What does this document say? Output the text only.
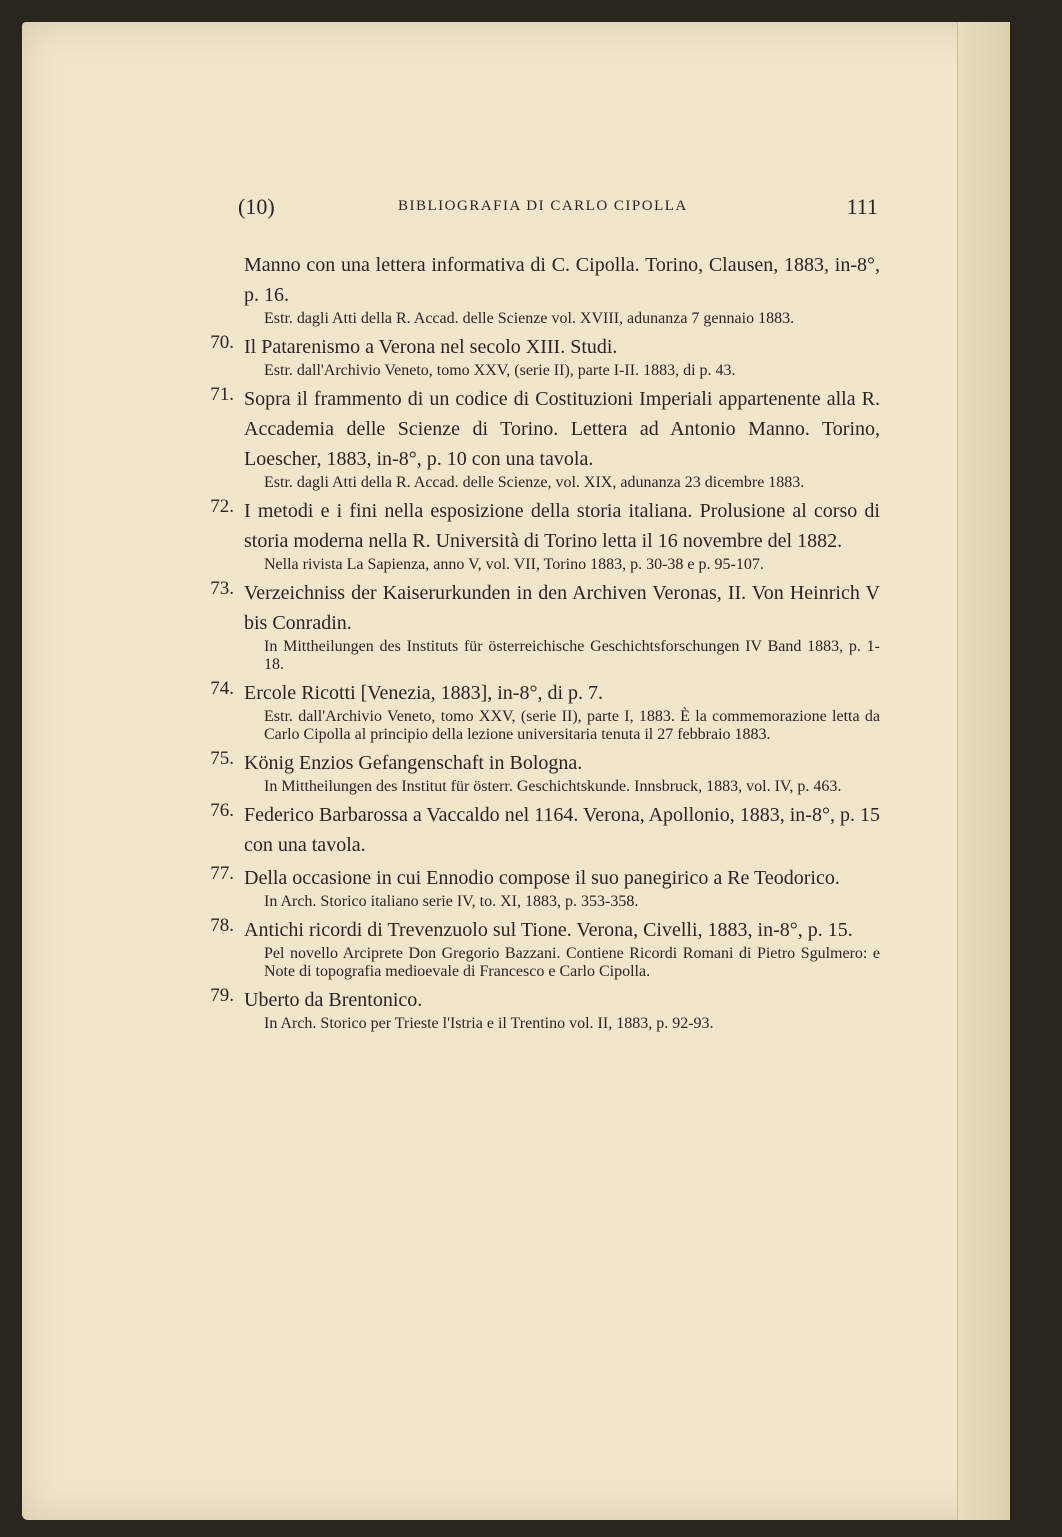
(10)	BIBLIOGRAFIA DI CARLO CIPOLLA	111
Manno con una lettera informativa di C. Cipolla. Torino, Clausen, 1883, in-8°, p. 16.
Estr. dagli Atti della R. Accad. delle Scienze vol. XVIII, adunanza 7 gennaio 1883.
70. Il Patarenismo a Verona nel secolo XIII. Studi.
Estr. dall'Archivio Veneto, tomo XXV, (serie II), parte I-II. 1883, di p. 43.
71. Sopra il frammento di un codice di Costituzioni Imperiali appartenente alla R. Accademia delle Scienze di Torino. Lettera ad Antonio Manno. Torino, Loescher, 1883, in-8°, p. 10 con una tavola.
Estr. dagli Atti della R. Accad. delle Scienze, vol. XIX, adunanza 23 dicembre 1883.
72. I metodi e i fini nella esposizione della storia italiana. Prolusione al corso di storia moderna nella R. Università di Torino letta il 16 novembre del 1882.
Nella rivista La Sapienza, anno V, vol. VII, Torino 1883, p. 30-38 e p. 95-107.
73. Verzeichniss der Kaiserurkunden in den Archiven Veronas, II. Von Heinrich V bis Conradin.
In Mittheilungen des Instituts für österreichische Geschichtsforschungen IV Band 1883, p. 1-18.
74. Ercole Ricotti [Venezia, 1883], in-8°, di p. 7.
Estr. dall'Archivio Veneto, tomo XXV, (serie II), parte I, 1883. È la commemorazione letta da Carlo Cipolla al principio della lezione universitaria tenuta il 27 febbraio 1883.
75. König Enzios Gefangenschaft in Bologna.
In Mittheilungen des Institut für österr. Geschichtskunde. Innsbruck, 1883, vol. IV, p. 463.
76. Federico Barbarossa a Vaccaldo nel 1164. Verona, Apollonio, 1883, in-8°, p. 15 con una tavola.
77. Della occasione in cui Ennodio compose il suo panegirico a Re Teodorico.
In Arch. Storico italiano serie IV, to. XI, 1883, p. 353-358.
78. Antichi ricordi di Trevenzuolo sul Tione. Verona, Civelli, 1883, in-8°, p. 15.
Pel novello Arciprete Don Gregorio Bazzani. Contiene Ricordi Romani di Pietro Sgulmero: e Note di topografia medioevale di Francesco e Carlo Cipolla.
79. Uberto da Brentonico.
In Arch. Storico per Trieste l'Istria e il Trentino vol. II, 1883, p. 92-93.
